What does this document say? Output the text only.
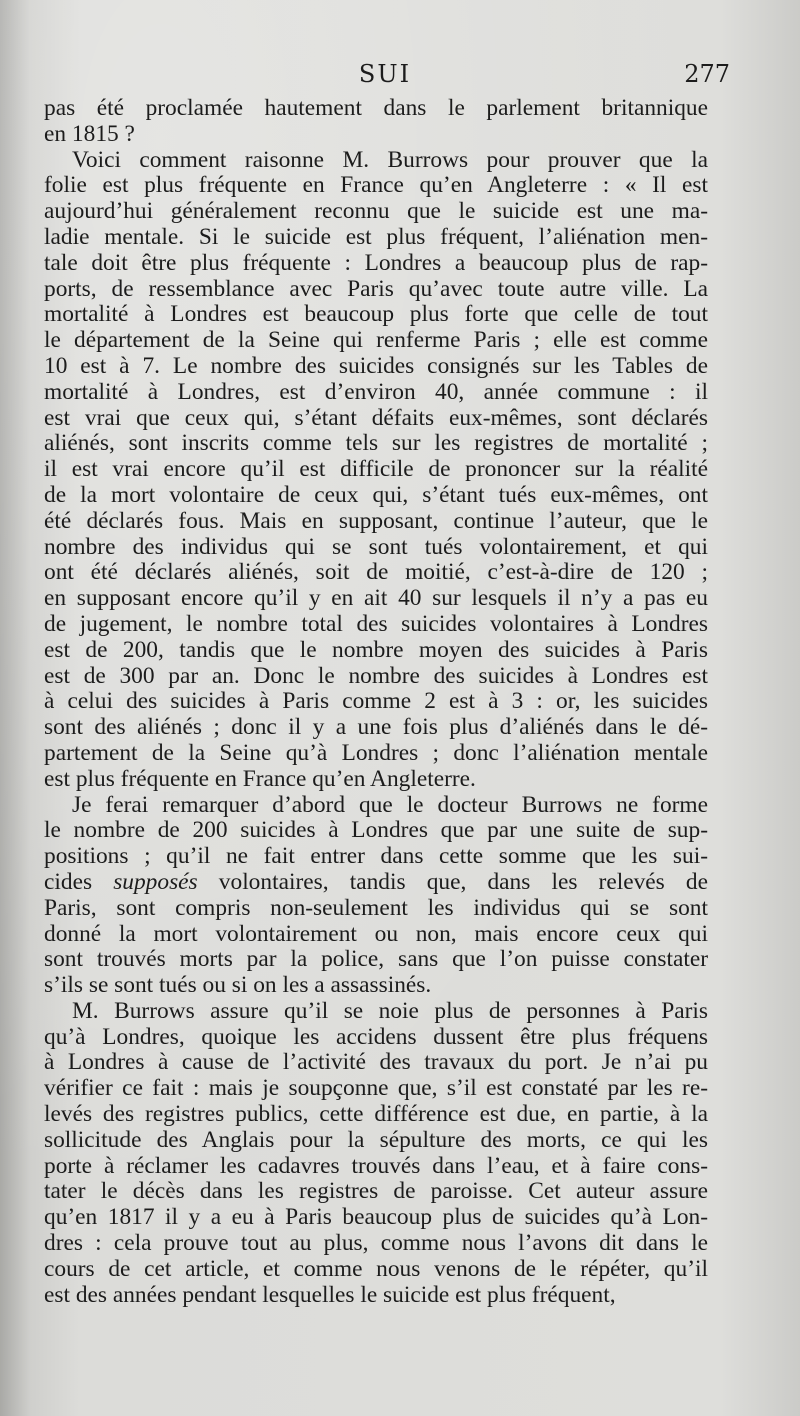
SUI	277
pas été proclamée hautement dans le parlement britannique
en 1815 ?
Voici comment raisonne M. Burrows pour prouver que la
folie est plus fréquente en France qu’en Angleterre : « Il est
aujourd’hui généralement reconnu que le suicide est une ma-
ladie mentale. Si le suicide est plus fréquent, l’aliénation men-
tale doit être plus fréquente : Londres a beaucoup plus de rap-
ports, de ressemblance avec Paris qu’avec toute autre ville. La
mortalité à Londres est beaucoup plus forte que celle de tout
le département de la Seine qui renferme Paris ; elle est comme
10 est à 7. Le nombre des suicides consignés sur les Tables de
mortalité à Londres, est d’environ 40, année commune : il
est vrai que ceux qui, s’étant défaits eux-mêmes, sont déclarés
aliénés, sont inscrits comme tels sur les registres de mortalité ;
il est vrai encore qu’il est difficile de prononcer sur la réalité
de la mort volontaire de ceux qui, s’étant tués eux-mêmes, ont
été déclarés fous. Mais en supposant, continue l’auteur, que le
nombre des individus qui se sont tués volontairement, et qui
ont été déclarés aliénés, soit de moitié, c’est-à-dire de 120 ;
en supposant encore qu’il y en ait 40 sur lesquels il n’y a pas eu
de jugement, le nombre total des suicides volontaires à Londres
est de 200, tandis que le nombre moyen des suicides à Paris
est de 300 par an. Donc le nombre des suicides à Londres est
à celui des suicides à Paris comme 2 est à 3 : or, les suicides
sont des aliénés ; donc il y a une fois plus d’aliénés dans le dé-
partement de la Seine qu’à Londres ; donc l’aliénation mentale
est plus fréquente en France qu’en Angleterre.
Je ferai remarquer d’abord que le docteur Burrows ne forme
le nombre de 200 suicides à Londres que par une suite de sup-
positions ; qu’il ne fait entrer dans cette somme que les sui-
cides supposés volontaires, tandis que, dans les relevés de
Paris, sont compris non-seulement les individus qui se sont
donné la mort volontairement ou non, mais encore ceux qui
sont trouvés morts par la police, sans que l’on puisse constater
s’ils se sont tués ou si on les a assassinés.
M. Burrows assure qu’il se noie plus de personnes à Paris
qu’à Londres, quoique les accidens dussent être plus fréquens
à Londres à cause de l’activité des travaux du port. Je n’ai pu
vérifier ce fait : mais je soupçonne que, s’il est constaté par les re-
levés des registres publics, cette différence est due, en partie, à la
sollicitude des Anglais pour la sépulture des morts, ce qui les
porte à réclamer les cadavres trouvés dans l’eau, et à faire cons-
tater le décès dans les registres de paroisse. Cet auteur assure
qu’en 1817 il y a eu à Paris beaucoup plus de suicides qu’à Lon-
dres : cela prouve tout au plus, comme nous l’avons dit dans le
cours de cet article, et comme nous venons de le répéter, qu’il
est des années pendant lesquelles le suicide est plus fréquent,
